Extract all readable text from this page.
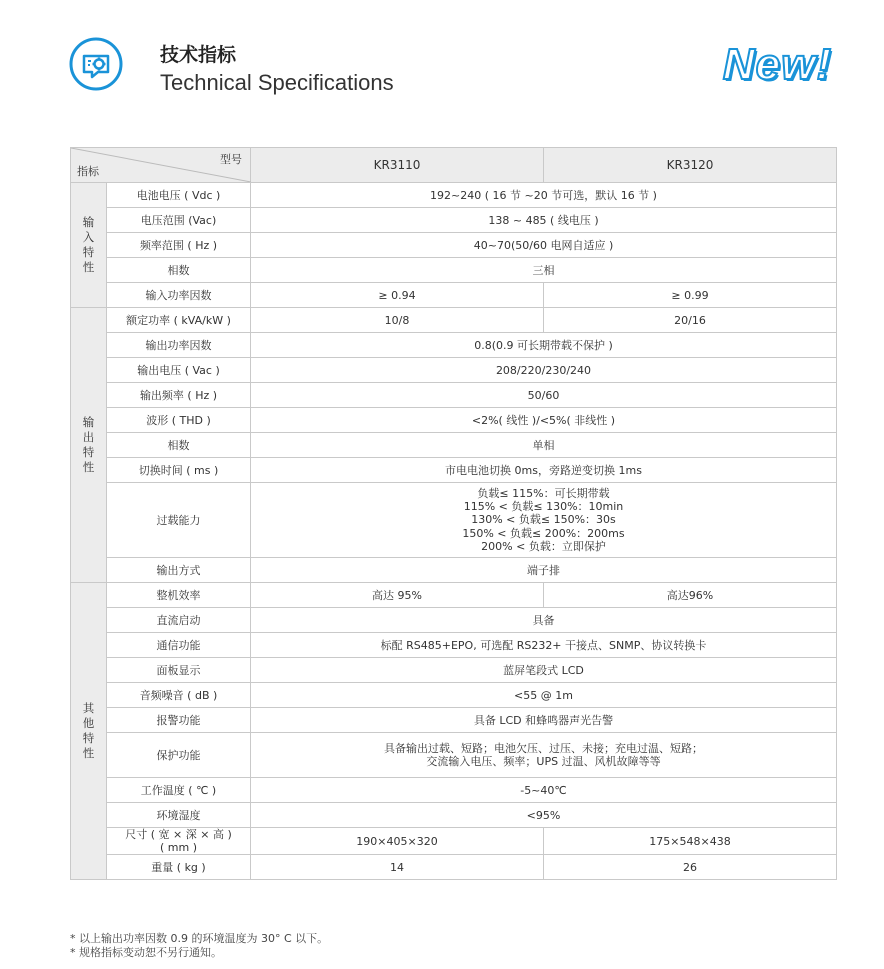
技术指标
Technical Specifications	New!
型号
指标		KR3110	KR3120

输
入
特
性	电池电压 ( Vdc )	192~240 ( 16 节 ~20 节可选，默认 16 节 )	
	电压范围 (Vac)	138 ~ 485 ( 线电压 )	
	频率范围 ( Hz )	40~70(50/60 电网自适应 )	
	相数	三相	
	输入功率因数	≥ 0.94	≥ 0.99

输
出
特
性	额定功率 ( kVA/kW )	10/8	20/16
	输出功率因数	0.8(0.9 可长期带载不保护 )	
	输出电压 ( Vac )	208/220/230/240	
	输出频率 ( Hz )	50/60	
	波形 ( THD )	<2%( 线性 )/<5%( 非线性 )	
	相数	单相	
	切换时间 ( ms )	市电电池切换 0ms，旁路逆变切换 1ms	
	过载能力	负载≤ 115%：可长期带载
115% < 负载≤ 130%：10min
130% < 负载≤ 150%：30s
150% < 负载≤ 200%：200ms
200% < 负载：立即保护	

	输出方式	端子排	

其
他
特
性	整机效率	高达 95%	高达96%
	直流启动	具备	
	通信功能	标配 RS485+EPO, 可选配 RS232+ 干接点、SNMP、协议转换卡	
	面板显示	蓝屏笔段式 LCD	
	音频噪音 ( dB )	<55 @ 1m	
	报警功能	具备 LCD 和蜂鸣器声光告警	
	保护功能	具备输出过载、短路；电池欠压、过压、未接；充电过温、短路；
交流输入电压、频率；UPS 过温、风机故障等等	

	工作温度 ( ℃ )	-5~40℃	
	环境湿度	<95%	

	尺寸 ( 宽 × 深 × 高 )
( mm )	190×405×320	175×548×438
	重量 ( kg )	14	26
* 以上输出功率因数 0.9 的环境温度为 30° C 以下。
* 规格指标变动恕不另行通知。
